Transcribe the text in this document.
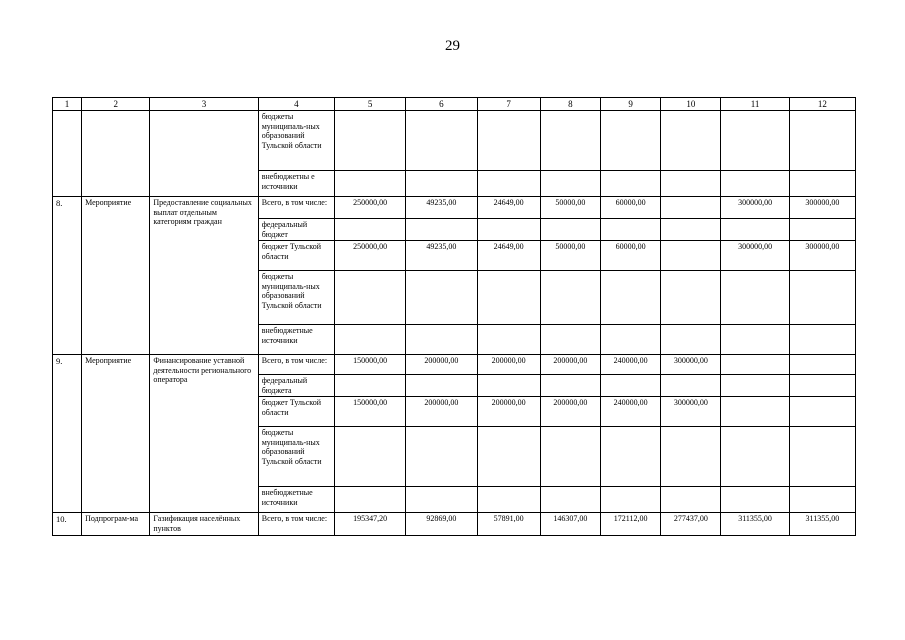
29
1	2	3	4	5	6	7	8	9	10	11	12
			бюджеты муниципаль-ных образований Тульской области								
			внебюджетны е источники								
8.	Мероприятие	Предоставление социальных выплат отдельным категориям граждан	Всего, в том числе:	250000,00	49235,00	24649,00	50000,00	60000,00		300000,00	300000,00
			федеральный бюджет								
			бюджет Тульской области	250000,00	49235,00	24649,00	50000,00	60000,00		300000,00	300000,00
			бюджеты муниципаль-ных образований Тульской области								
			внебюджетные источники								
9.	Мероприятие	Финансирование уставной деятельности регионального оператора	Всего, в том числе:	150000,00	200000,00	200000,00	200000,00	240000,00	300000,00		
			федеральный бюджета								
			бюджет Тульской области	150000,00	200000,00	200000,00	200000,00	240000,00	300000,00		
			бюджеты муниципаль-ных образований Тульской области								
			внебюджетные источники								

10.	Подпрограм-ма	Газификация населённых пунктов	Всего, в том числе:	195347,20	92869,00	57891,00	146307,00	172112,00	277437,00	311355,00	311355,00
